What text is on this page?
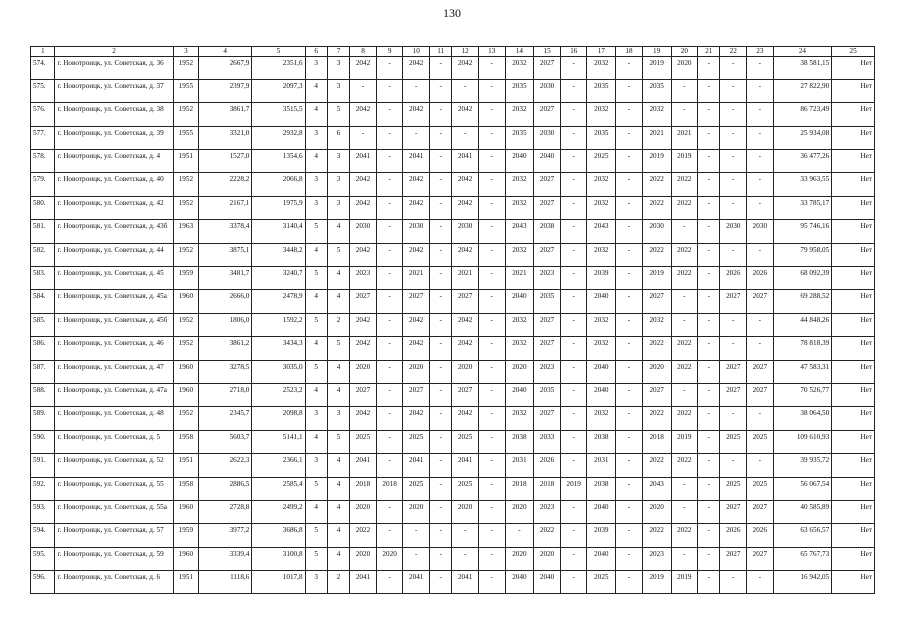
130
1	2	3	4	5	6	7	8	9	10	11	12	13	14	15	16	17	18	19	20	21	22	23	24	25
574.	г. Новотроицк, ул. Советская, д. 36	1952	2667,9	2351,6	3	3	2042	-	2042	-	2042	-	2032	2027	-	2032	-	2019	2020	-	-	-	38 581,15	Нет
575.	г. Новотроицк, ул. Советская, д. 37	1955	2397,9	2097,3	4	3	-	-	-	-	-	-	2035	2030	-	2035	-	2035	-	-	-	-	27 822,90	Нет
576.	г. Новотроицк, ул. Советская, д. 38	1952	3861,7	3515,5	4	5	2042	-	2042	-	2042	-	2032	2027	-	2032	-	2032	-	-	-	-	86 723,49	Нет
577.	г. Новотроицк, ул. Советская, д. 39	1955	3321,0	2932,8	3	6	-	-	-	-	-	-	2035	2030	-	2035	-	2021	2021	-	-	-	25 934,08	Нет
578.	г. Новотроицк, ул. Советская, д. 4	1951	1527,0	1354,6	4	3	2041	-	2041	-	2041	-	2040	2040	-	2025	-	2019	2019	-	-	-	36 477,26	Нет
579.	г. Новотроицк, ул. Советская, д. 40	1952	2228,2	2066,8	3	3	2042	-	2042	-	2042	-	2032	2027	-	2032	-	2022	2022	-	-	-	33 963,55	Нет
580.	г. Новотроицк, ул. Советская, д. 42	1952	2167,1	1975,9	3	3	2042	-	2042	-	2042	-	2032	2027	-	2032	-	2022	2022	-	-	-	33 785,17	Нет
581.	г. Новотроицк, ул. Советская, д. 43б	1963	3378,4	3140,4	5	4	2030	-	2030	-	2030	-	2043	2038	-	2043	-	2030	-	-	2030	2030	95 746,16	Нет
582.	г. Новотроицк, ул. Советская, д. 44	1952	3875,1	3448,2	4	5	2042	-	2042	-	2042	-	2032	2027	-	2032	-	2022	2022	-	-	-	79 958,05	Нет
583.	г. Новотроицк, ул. Советская, д. 45	1959	3481,7	3240,7	5	4	2023	-	2021	-	2021	-	2021	2023	-	2039	-	2019	2022	-	2026	2026	68 092,39	Нет
584.	г. Новотроицк, ул. Советская, д. 45а	1960	2666,0	2478,9	4	4	2027	-	2027	-	2027	-	2040	2035	-	2040	-	2027	-	-	2027	2027	69 288,52	Нет
585.	г. Новотроицк, ул. Советская, д. 45б	1952	1806,0	1592,2	5	2	2042	-	2042	-	2042	-	2032	2027	-	2032	-	2032	-	-	-	-	44 848,26	Нет
586.	г. Новотроицк, ул. Советская, д. 46	1952	3861,2	3434,3	4	5	2042	-	2042	-	2042	-	2032	2027	-	2032	-	2022	2022	-	-	-	78 818,39	Нет
587.	г. Новотроицк, ул. Советская, д. 47	1960	3278,5	3035,0	5	4	2020	-	2020	-	2020	-	2020	2023	-	2040	-	2020	2022	-	2027	2027	47 583,31	Нет
588.	г. Новотроицк, ул. Советская, д. 47а	1960	2718,0	2523,2	4	4	2027	-	2027	-	2027	-	2040	2035	-	2040	-	2027	-	-	2027	2027	70 526,77	Нет
589.	г. Новотроицк, ул. Советская, д. 48	1952	2345,7	2098,8	3	3	2042	-	2042	-	2042	-	2032	2027	-	2032	-	2022	2022	-	-	-	38 064,50	Нет
590.	г. Новотроицк, ул. Советская, д. 5	1958	5603,7	5141,1	4	5	2025	-	2025	-	2025	-	2038	2033	-	2038	-	2018	2019	-	2025	2025	109 610,93	Нет
591.	г. Новотроицк, ул. Советская, д. 52	1951	2622,3	2366,1	3	4	2041	-	2041	-	2041	-	2031	2026	-	2031	-	2022	2022	-	-	-	39 935,72	Нет
592.	г. Новотроицк, ул. Советская, д. 55	1958	2886,5	2585,4	5	4	2018	2018	2025	-	2025	-	2018	2018	2019	2038	-	2043	-	-	2025	2025	56 067,54	Нет
593.	г. Новотроицк, ул. Советская, д. 55а	1960	2728,8	2499,2	4	4	2020	-	2020	-	2020	-	2020	2023	-	2040	-	2020	-	-	2027	2027	40 585,89	Нет
594.	г. Новотроицк, ул. Советская, д. 57	1959	3977,2	3686,8	5	4	2022	-	-	-	-	-	-	2022	-	2039	-	2022	2022	-	2026	2026	63 656,57	Нет
595.	г. Новотроицк, ул. Советская, д. 59	1960	3339,4	3100,8	5	4	2020	2020	-	-	-	-	2020	2020	-	2040	-	2023	-	-	2027	2027	65 767,73	Нет
596.	г. Новотроицк, ул. Советская, д. 6	1951	1118,6	1017,8	3	2	2041	-	2041	-	2041	-	2040	2040	-	2025	-	2019	2019	-	-	-	16 942,05	Нет
